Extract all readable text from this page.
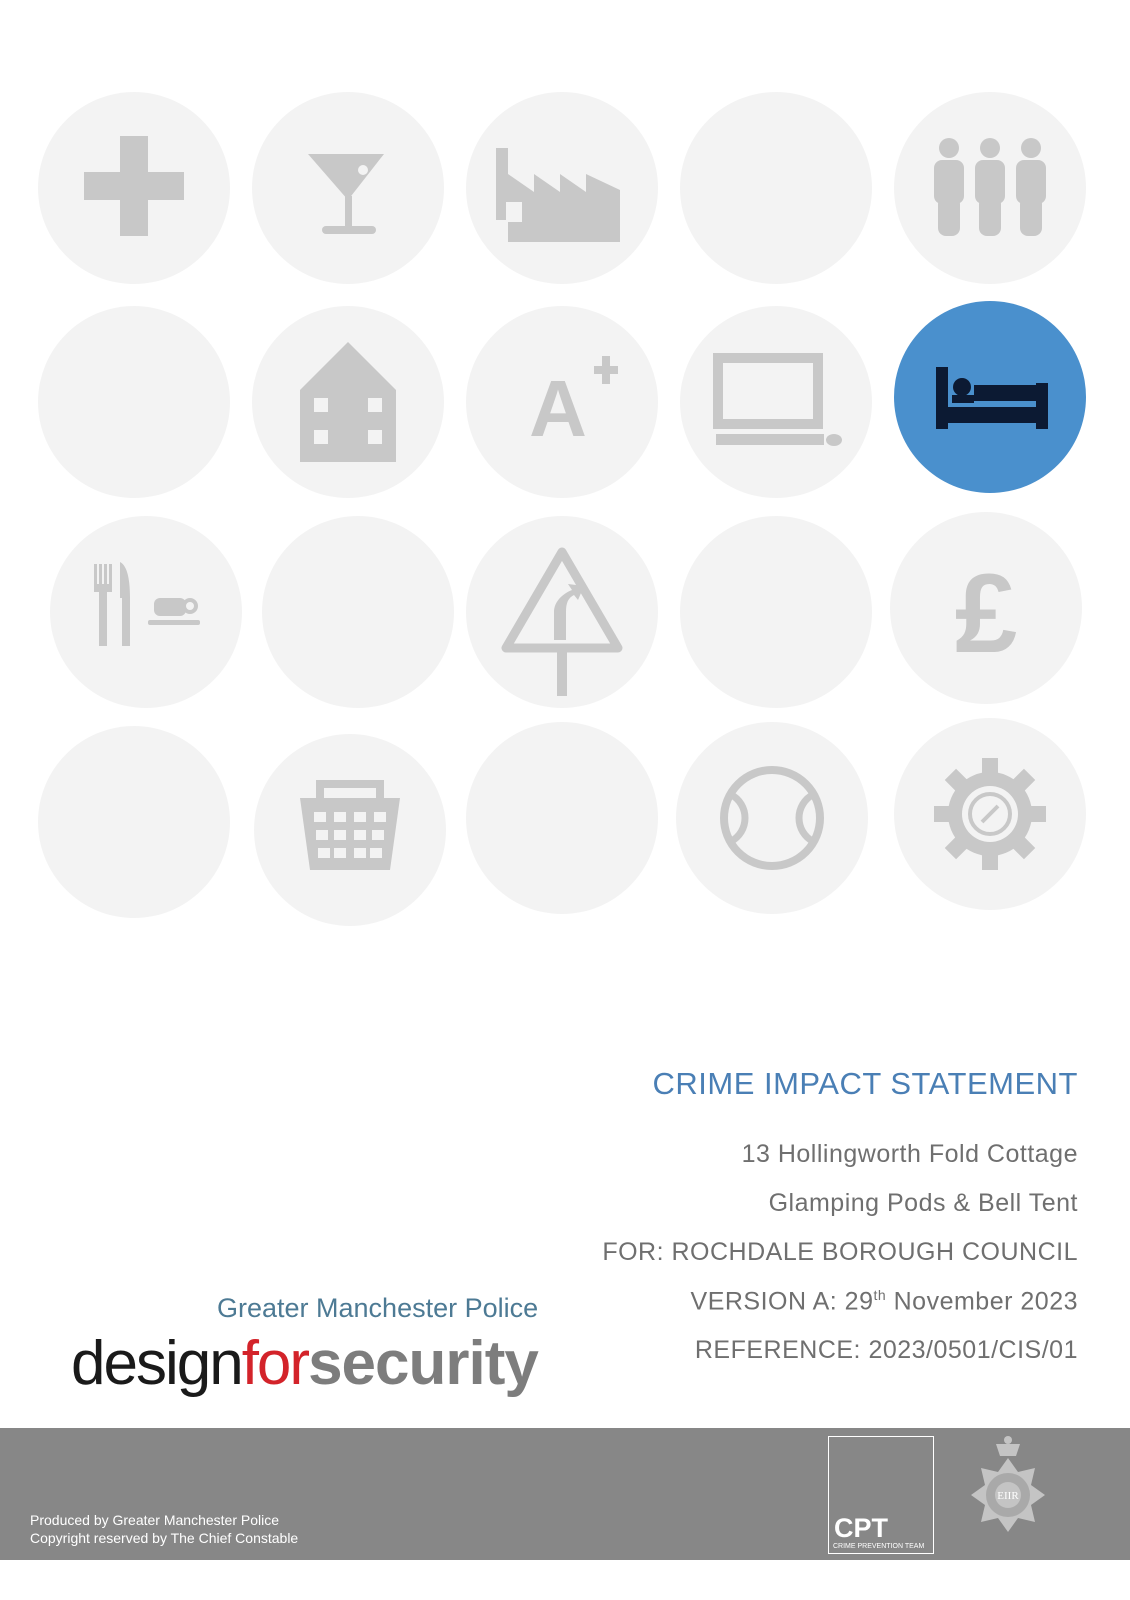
A
£
CRIME IMPACT STATEMENT
13 Hollingworth Fold Cottage
Glamping Pods & Bell Tent
FOR: ROCHDALE BOROUGH COUNCIL
VERSION A: 29th November 2023
REFERENCE: 2023/0501/CIS/01
Greater Manchester Police
designforsecurity
Produced by Greater Manchester Police
Copyright reserved by The Chief Constable	CPT
CRIME PREVENTION TEAM
EIIR
